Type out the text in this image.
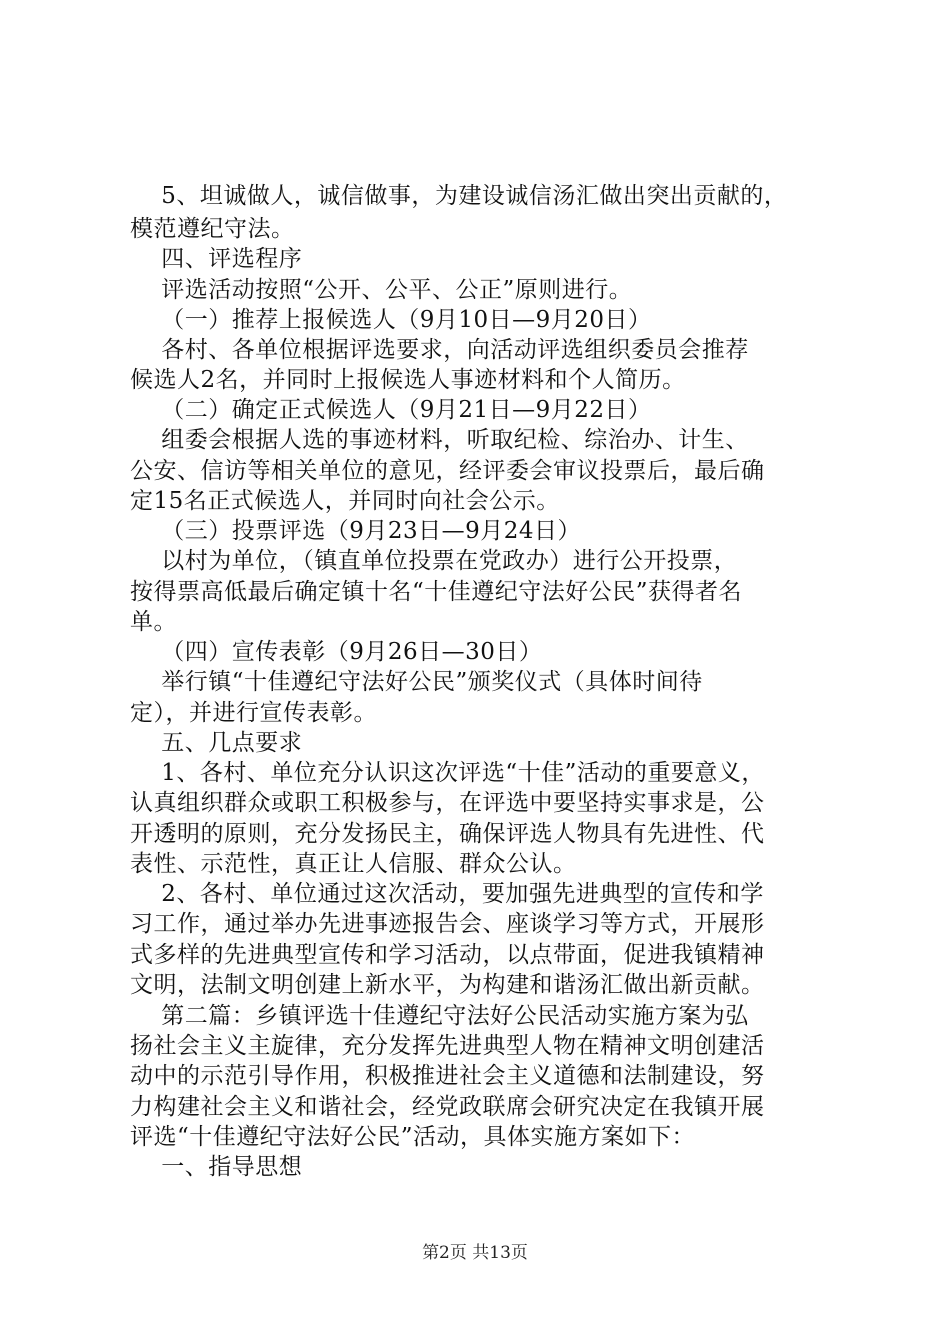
5、坦诚做人，诚信做事，为建设诚信汤汇做出突出贡献的，
模范遵纪守法。
四、评选程序
评选活动按照“公开、公平、公正”原则进行。
（一）推荐上报候选人（9月10日—9月20日）
各村、各单位根据评选要求，向活动评选组织委员会推荐
候选人2名，并同时上报候选人事迹材料和个人简历。
（二）确定正式候选人（9月21日—9月22日）
组委会根据人选的事迹材料，听取纪检、综治办、计生、
公安、信访等相关单位的意见，经评委会审议投票后，最后确
定15名正式候选人，并同时向社会公示。
（三）投票评选（9月23日—9月24日）
以村为单位，（镇直单位投票在党政办）进行公开投票，
按得票高低最后确定镇十名“十佳遵纪守法好公民”获得者名
单。
（四）宣传表彰（9月26日—30日）
举行镇“十佳遵纪守法好公民”颁奖仪式（具体时间待
定），并进行宣传表彰。
五、几点要求
1、各村、单位充分认识这次评选“十佳”活动的重要意义，
认真组织群众或职工积极参与，在评选中要坚持实事求是，公
开透明的原则，充分发扬民主，确保评选人物具有先进性、代
表性、示范性，真正让人信服、群众公认。
2、各村、单位通过这次活动，要加强先进典型的宣传和学
习工作，通过举办先进事迹报告会、座谈学习等方式，开展形
式多样的先进典型宣传和学习活动，以点带面，促进我镇精神
文明，法制文明创建上新水平，为构建和谐汤汇做出新贡献。
第二篇：乡镇评选十佳遵纪守法好公民活动实施方案为弘
扬社会主义主旋律，充分发挥先进典型人物在精神文明创建活
动中的示范引导作用，积极推进社会主义道德和法制建设，努
力构建社会主义和谐社会，经党政联席会研究决定在我镇开展
评选“十佳遵纪守法好公民”活动，具体实施方案如下：
一、指导思想
第2页 共13页
